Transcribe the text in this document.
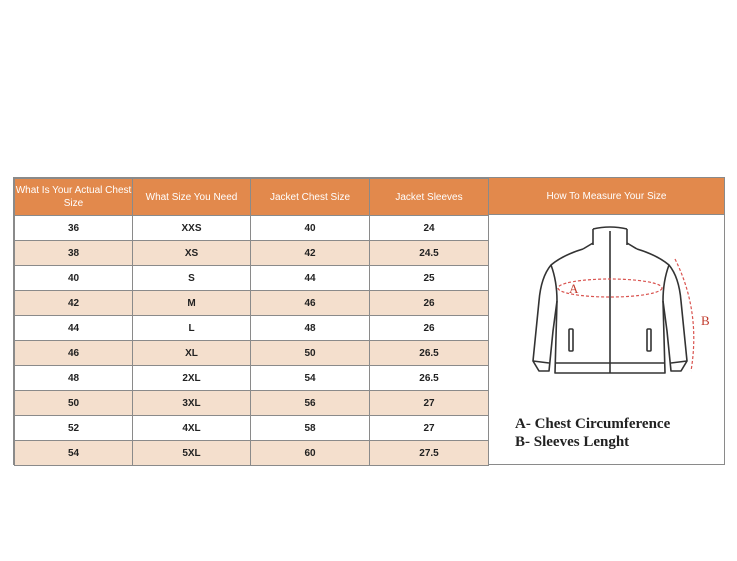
What Is Your Actual Chest Size	What Size You Need	Jacket Chest Size	Jacket Sleeves
36	XXS	40	24
38	XS	42	24.5
40	S	44	25
42	M	46	26
44	L	48	26
46	XL	50	26.5
48	2XL	54	26.5
50	3XL	56	27
52	4XL	58	27
54	5XL	60	27.5
How To Measure Your Size
A
B
A- Chest Circumference
B- Sleeves Lenght
